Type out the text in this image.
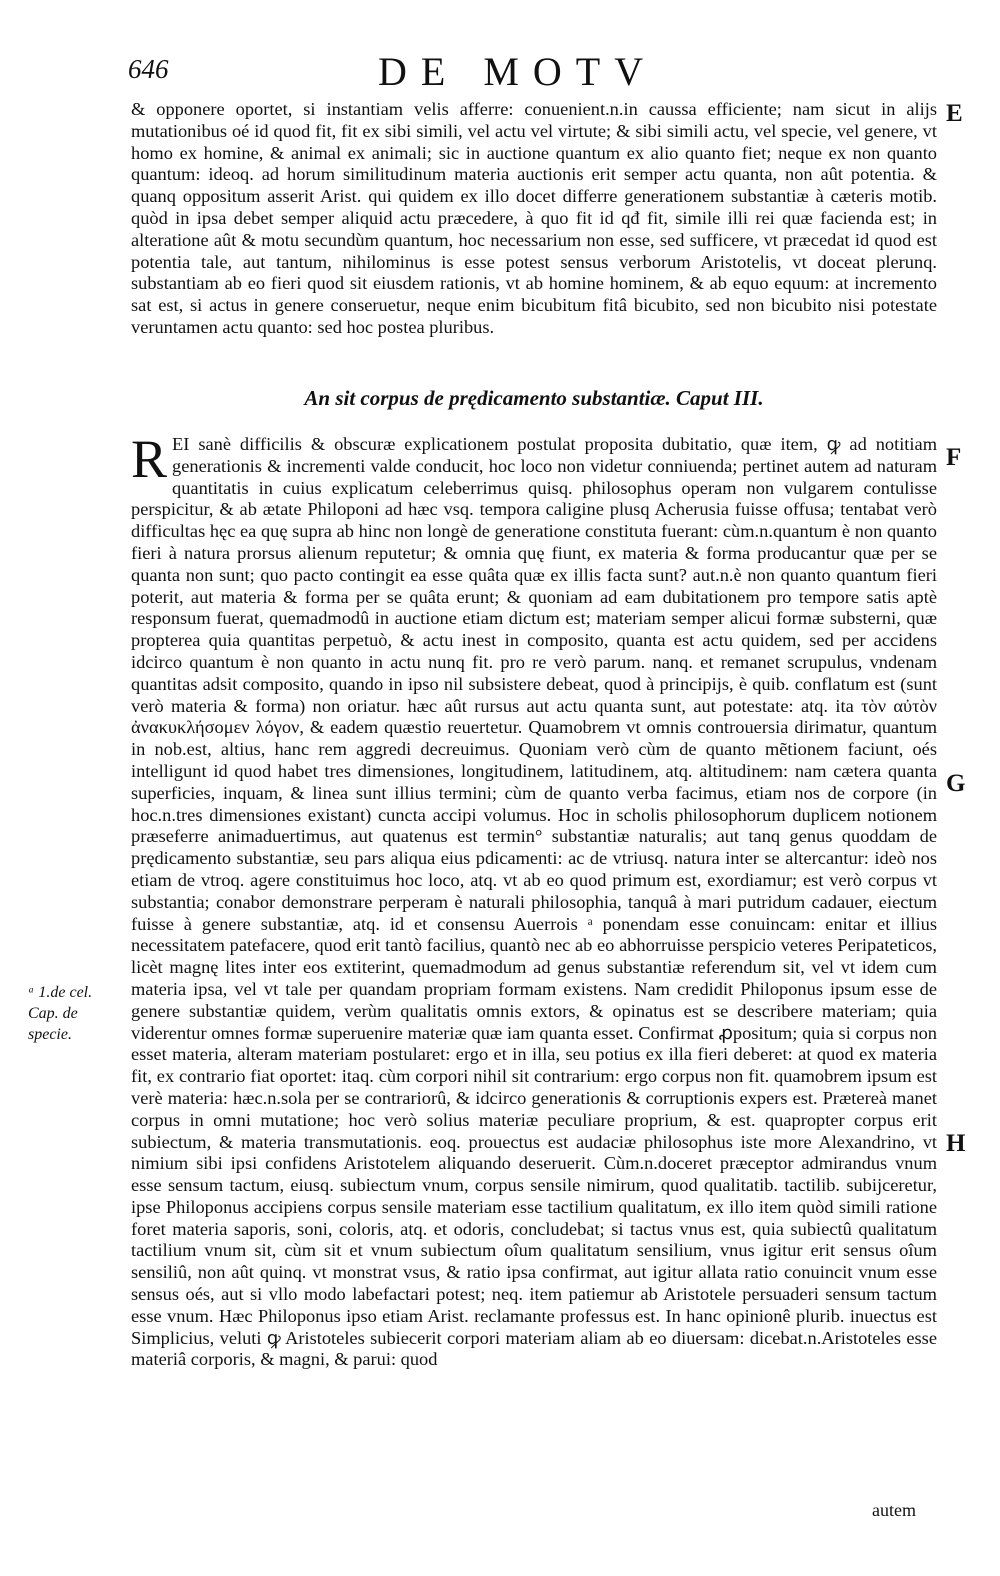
646	DE MOTV
E
F
G
H

& opponere oportet, si instantiam velis afferre: conuenient.n.in caussa efficiente; nam sicut in alijs mutationibus oé id quod fit, fit ex sibi simili, vel actu vel virtute; & sibi simili actu, vel specie, vel genere, vt homo ex homine, & animal ex animali; sic in auctione quantum ex alio quanto fiet; neque ex non quanto quantum: ideoq. ad horum similitudinum materia auctionis erit semper actu quanta, non aût potentia. & quanq oppositum asserit Arist. qui quidem ex illo docet differre generationem substantiæ à cæteris motib. quòd in ipsa debet semper aliquid actu præcedere, à quo fit id qđ fit, simile illi rei quæ facienda est; in alteratione aût & motu secundùm quantum, hoc necessarium non esse, sed sufficere, vt præcedat id quod est potentia tale, aut tantum, nihilominus is esse potest sensus verborum Aristotelis, vt doceat plerunq. substantiam ab eo fieri quod sit eiusdem rationis, vt ab homine hominem, & ab equo equum: at incremento sat est, si actus in genere conseruetur, neque enim bicubitum fitâ bicubito, sed non bicubito nisi potestate veruntamen actu quanto: sed hoc postea pluribus.

An sit corpus de prędicamento substantiæ. Caput III.
R EI sanè difficilis & obscuræ explicationem postulat proposita dubitatio, quæ item, ꝙ ad notitiam generationis & incrementi valde conducit, hoc loco non videtur conniuenda; pertinet autem ad naturam quantitatis in cuius explicatum celeberrimus quisq. philosophus operam non vulgarem contulisse perspicitur, & ab ætate Philoponi ad hæc vsq. tempora caligine plusq Acherusia fuisse offusa; tentabat verò difficultas hęc ea quę supra ab hinc non longè de generatione constituta fuerant: cùm.n.quantum è non quanto fieri à natura prorsus alienum reputetur; & omnia quę fiunt, ex materia & forma producantur quæ per se quanta non sunt; quo pacto contingit ea esse quâta quæ ex illis facta sunt? aut.n.è non quanto quantum fieri poterit, aut materia & forma per se quâta erunt; & quoniam ad eam dubitationem pro tempore satis aptè responsum fuerat, quemadmodû in auctione etiam dictum est; materiam semper alicui formæ substerni, quæ propterea quia quantitas perpetuò, & actu inest in composito, quanta est actu quidem, sed per accidens idcirco quantum è non quanto in actu nunq fit. pro re verò parum. nanq. et remanet scrupulus, vndenam quantitas adsit composito, quando in ipso nil subsistere debeat, quod à principijs, è quib. conflatum est (sunt verò materia & forma) non oriatur. hæc aût rursus aut actu quanta sunt, aut potestate: atq. ita τὸν αὐτὸν ἀνακυκλήσομεν λόγον, & eadem quæstio reuertetur. Quamobrem vt omnis controuersia dirimatur, quantum in nob.est, altius, hanc rem aggredi decreuimus. Quoniam verò cùm de quanto mẽtionem faciunt, oés intelligunt id quod habet tres dimensiones, longitudinem, latitudinem, atq. altitudinem: nam cætera quanta superficies, inquam, & linea sunt illius termini; cùm de quanto verba facimus, etiam nos de corpore (in hoc.n.tres dimensiones existant) cuncta accipi volumus. Hoc in scholis philosophorum duplicem notionem præseferre animaduertimus, aut quatenus est termin° substantiæ naturalis; aut tanq genus quoddam de prędicamento substantiæ, seu pars aliqua eius pdicamenti: ac de vtriusq. natura inter se altercantur: ideò nos etiam de vtroq. agere constituimus hoc loco, atq. vt ab eo quod primum est, exordiamur; est verò corpus vt substantia; conabor demonstrare perperam è naturali philosophia, tanquâ à mari putridum cadauer, eiectum fuisse à genere substantiæ, atq. id et consensu Auerrois ᵃ ponendam esse conuincam: enitar et illius necessitatem patefacere, quod erit tantò facilius, quantò nec ab eo abhorruisse perspicio veteres Peripateticos, licèt magnę lites inter eos extiterint, quemadmodum ad genus substantiæ referendum sit, vel vt idem cum materia ipsa, vel vt tale per quandam propriam formam existens. Nam credidit Philoponus ipsum esse de genere substantiæ quidem, verùm qualitatis omnis extors, & opinatus est se describere materiam; quia viderentur omnes formæ superuenire materiæ quæ iam quanta esset. Confirmat ꝓpositum; quia si corpus non esset materia, alteram materiam postularet: ergo et in illa, seu potius ex illa fieri deberet: at quod ex materia fit, ex contrario fiat oportet: itaq. cùm corpori nihil sit contrarium: ergo corpus non fit. quamobrem ipsum est verè materia: hæc.n.sola per se contrariorû, & idcirco generationis & corruptionis expers est. Prætereà manet corpus in omni mutatione; hoc verò solius materiæ peculiare proprium, & est. quapropter corpus erit subiectum, & materia transmutationis. eoq. prouectus est audaciæ philosophus iste more Alexandrino, vt nimium sibi ipsi confidens Aristotelem aliquando deseruerit. Cùm.n.doceret præceptor admirandus vnum esse sensum tactum, eiusq. subiectum vnum, corpus sensile nimirum, quod qualitatib. tactilib. subijceretur, ipse Philoponus accipiens corpus sensile materiam esse tactilium qualitatum, ex illo item quòd simili ratione foret materia saporis, soni, coloris, atq. et odoris, concludebat; si tactus vnus est, quia subiectû qualitatum tactilium vnum sit, cùm sit et vnum subiectum oîum qualitatum sensilium, vnus igitur erit sensus oîum sensiliû, non aût quinq. vt monstrat vsus, & ratio ipsa confirmat, aut igitur allata ratio conuincit vnum esse sensus oés, aut si vllo modo labefactari potest; neq. item patiemur ab Aristotele persuaderi sensum tactum esse vnum. Hæc Philoponus ipso etiam Arist. reclamante professus est. In hanc opinionê plurib. inuectus est Simplicius, veluti ꝙ Aristoteles subiecerit corpori materiam aliam ab eo diuersam: dicebat.n.Aristoteles esse materiâ corporis, & magni, & parui: quod

ᵃ 1.de cel. Cap. de specie.

autem
